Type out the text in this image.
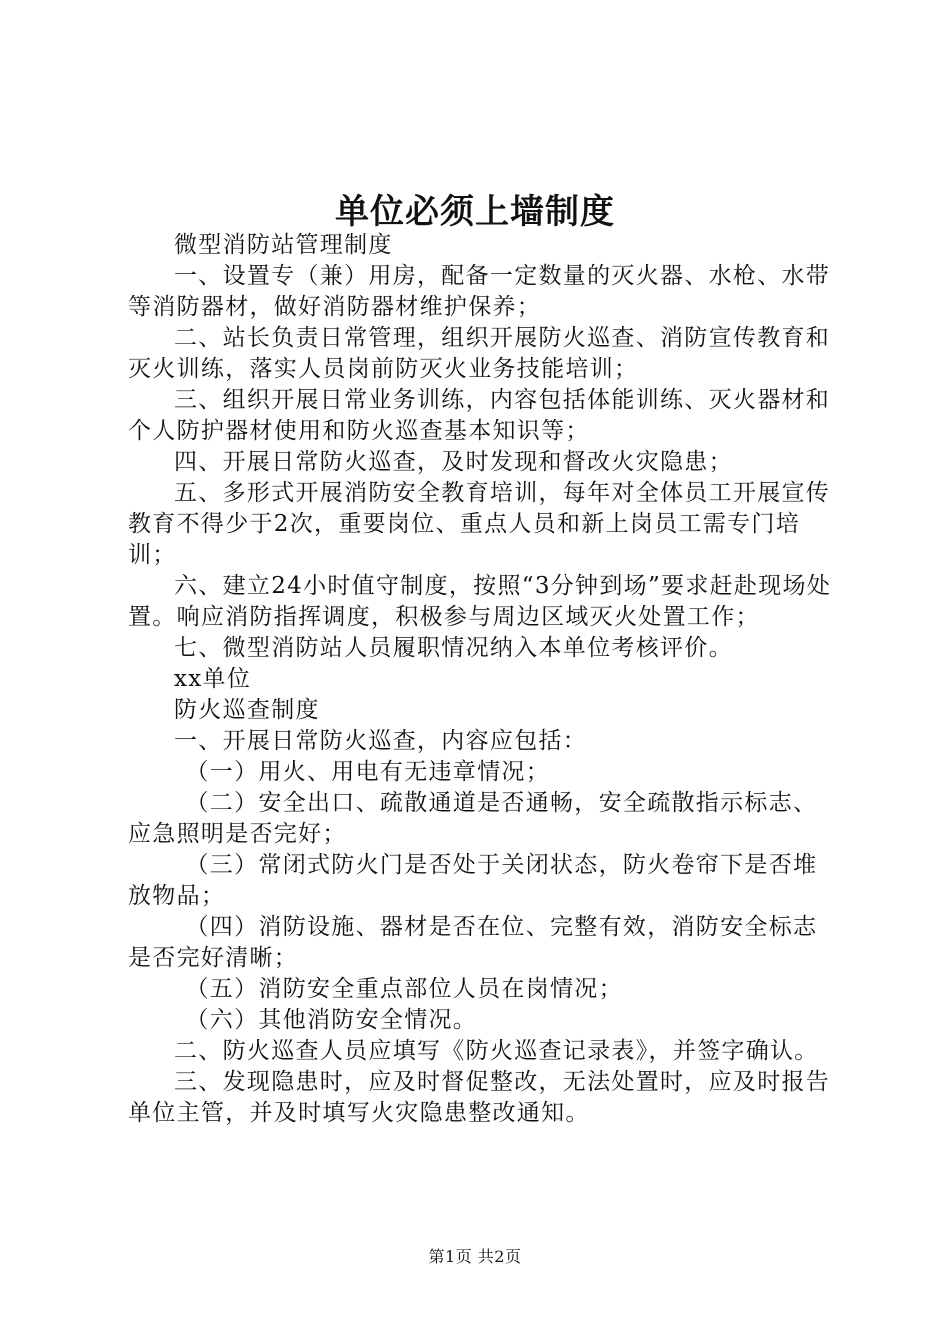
单位必须上墙制度

微型消防站管理制度

一、设置专（兼）用房，配备一定数量的灭火器、水枪、水带等消防器材，做好消防器材维护保养；

二、站长负责日常管理，组织开展防火巡查、消防宣传教育和灭火训练，落实人员岗前防灭火业务技能培训；

三、组织开展日常业务训练，内容包括体能训练、灭火器材和个人防护器材使用和防火巡查基本知识等；

四、开展日常防火巡查，及时发现和督改火灾隐患；

五、多形式开展消防安全教育培训，每年对全体员工开展宣传教育不得少于2次，重要岗位、重点人员和新上岗员工需专门培训；

六、建立24小时值守制度，按照“3分钟到场”要求赶赴现场处置。响应消防指挥调度，积极参与周边区域灭火处置工作；

七、微型消防站人员履职情况纳入本单位考核评价。

xx单位

防火巡查制度

一、开展日常防火巡查，内容应包括：

（一）用火、用电有无违章情况；

（二）安全出口、疏散通道是否通畅，安全疏散指示标志、应急照明是否完好；

（三）常闭式防火门是否处于关闭状态，防火卷帘下是否堆放物品；

（四）消防设施、器材是否在位、完整有效，消防安全标志是否完好清晰；

（五）消防安全重点部位人员在岗情况；

（六）其他消防安全情况。

二、防火巡查人员应填写《防火巡查记录表》，并签字确认。

三、发现隐患时，应及时督促整改，无法处置时，应及时报告单位主管，并及时填写火灾隐患整改通知。

第1页 共2页
